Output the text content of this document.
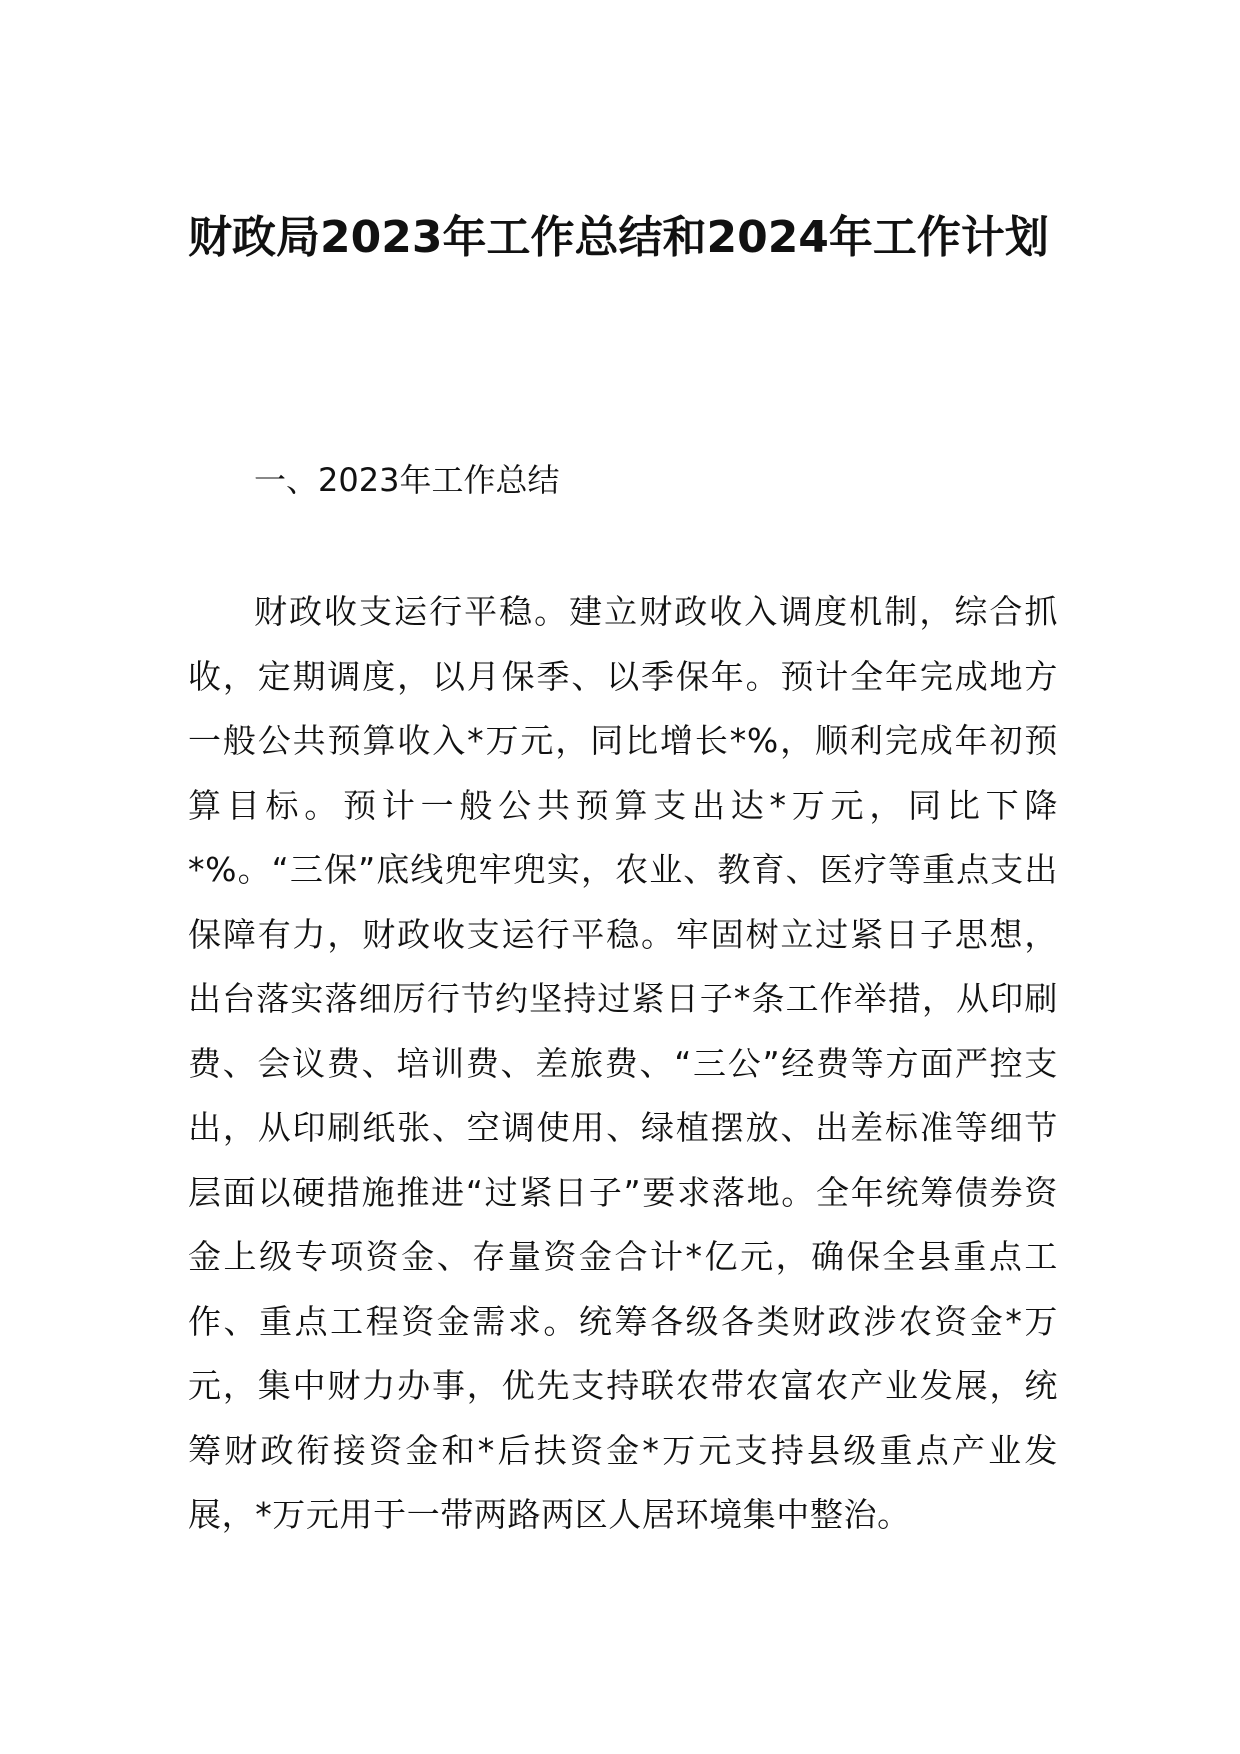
财政局2023年工作总结和2024年工作计划
一、2023年工作总结

财政收支运行平稳。建立财政收入调度机制，综合抓收，定期调度，以月保季、以季保年。预计全年完成地方一般公共预算收入*万元，同比增长*%，顺利完成年初预算目标。预计一般公共预算支出达*万元，同比下降*%。“三保”底线兜牢兜实，农业、教育、医疗等重点支出保障有力，财政收支运行平稳。牢固树立过紧日子思想，出台落实落细厉行节约坚持过紧日子*条工作举措，从印刷费、会议费、培训费、差旅费、“三公”经费等方面严控支出，从印刷纸张、空调使用、绿植摆放、出差标准等细节层面以硬措施推进“过紧日子”要求落地。全年统筹债券资金上级专项资金、存量资金合计*亿元，确保全县重点工作、重点工程资金需求。统筹各级各类财政涉农资金*万元，集中财力办事，优先支持联农带农富农产业发展，统筹财政衔接资金和*后扶资金*万元支持县级重点产业发展，*万元用于一带两路两区人居环境集中整治。
